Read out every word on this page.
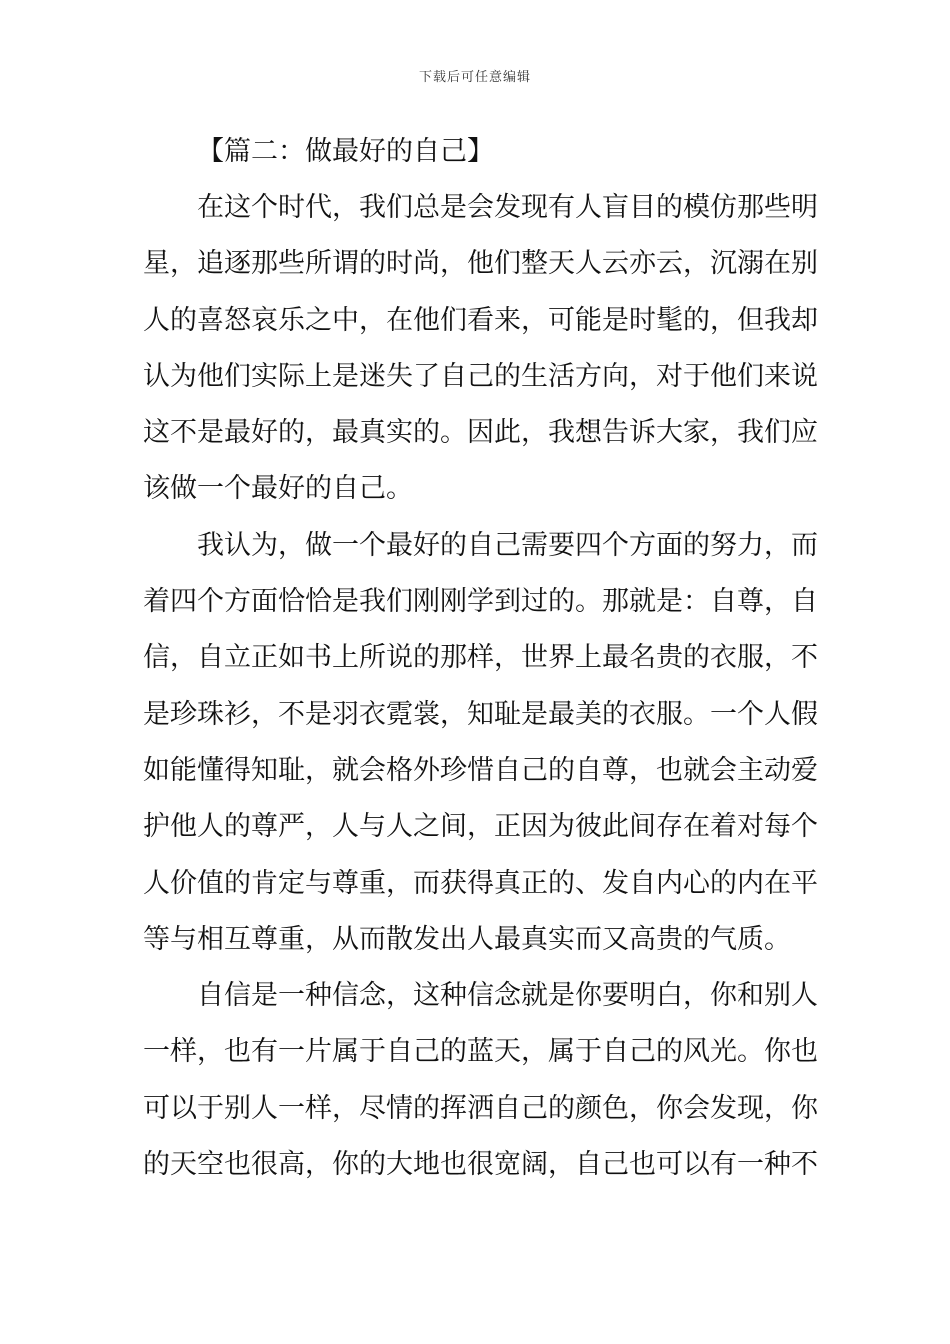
下载后可任意编辑
【篇二：做最好的自己】
在这个时代，我们总是会发现有人盲目的模仿那些明
星，追逐那些所谓的时尚，他们整天人云亦云，沉溺在别
人的喜怒哀乐之中，在他们看来，可能是时髦的，但我却
认为他们实际上是迷失了自己的生活方向，对于他们来说
这不是最好的，最真实的。因此，我想告诉大家，我们应
该做一个最好的自己。
我认为，做一个最好的自己需要四个方面的努力，而
着四个方面恰恰是我们刚刚学到过的。那就是：自尊，自
信，自立正如书上所说的那样，世界上最名贵的衣服，不
是珍珠衫，不是羽衣霓裳，知耻是最美的衣服。一个人假
如能懂得知耻，就会格外珍惜自己的自尊，也就会主动爱
护他人的尊严，人与人之间，正因为彼此间存在着对每个
人价值的肯定与尊重，而获得真正的、发自内心的内在平
等与相互尊重，从而散发出人最真实而又高贵的气质。
自信是一种信念，这种信念就是你要明白，你和别人
一样，也有一片属于自己的蓝天，属于自己的风光。你也
可以于别人一样，尽情的挥洒自己的颜色，你会发现，你
的天空也很高，你的大地也很宽阔，自己也可以有一种不
